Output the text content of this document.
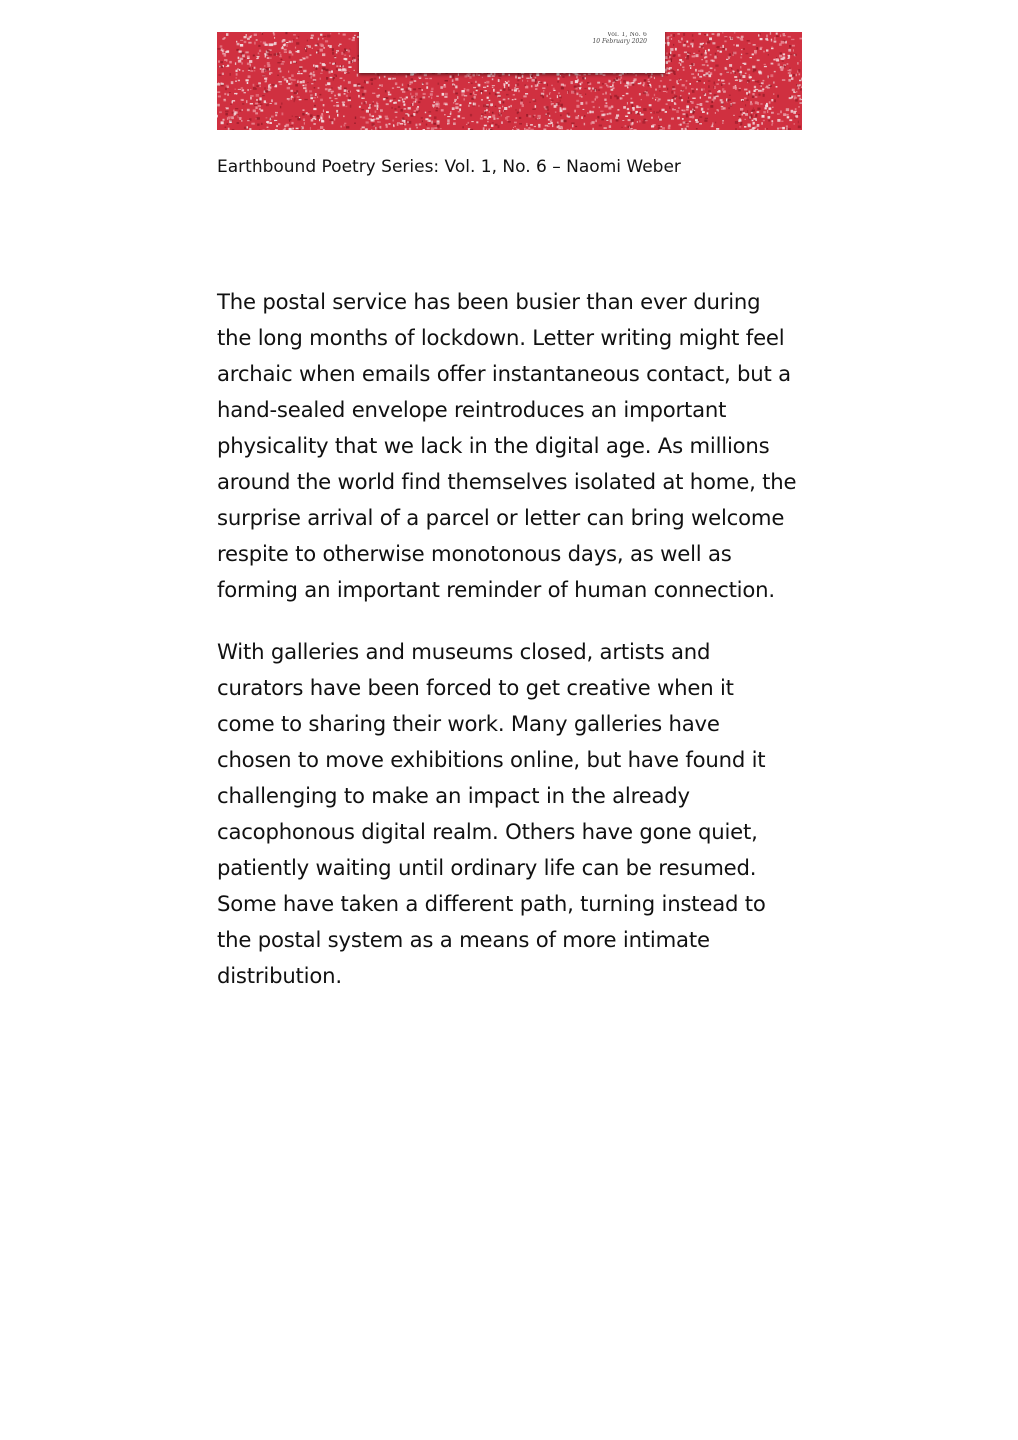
Vol. 1, No. 6
10 February 2020
Earthbound Poetry Series: Vol. 1, No. 6 – Naomi Weber

The postal service has been busier than ever during
the long months of lockdown. Letter writing might feel
archaic when emails offer instantaneous contact, but a
hand-sealed envelope reintroduces an important
physicality that we lack in the digital age. As millions
around the world find themselves isolated at home, the
surprise arrival of a parcel or letter can bring welcome
respite to otherwise monotonous days, as well as
forming an important reminder of human connection.

With galleries and museums closed, artists and
curators have been forced to get creative when it
come to sharing their work. Many galleries have
chosen to move exhibitions online, but have found it
challenging to make an impact in the already
cacophonous digital realm. Others have gone quiet,
patiently waiting until ordinary life can be resumed.
Some have taken a different path, turning instead to
the postal system as a means of more intimate
distribution.
